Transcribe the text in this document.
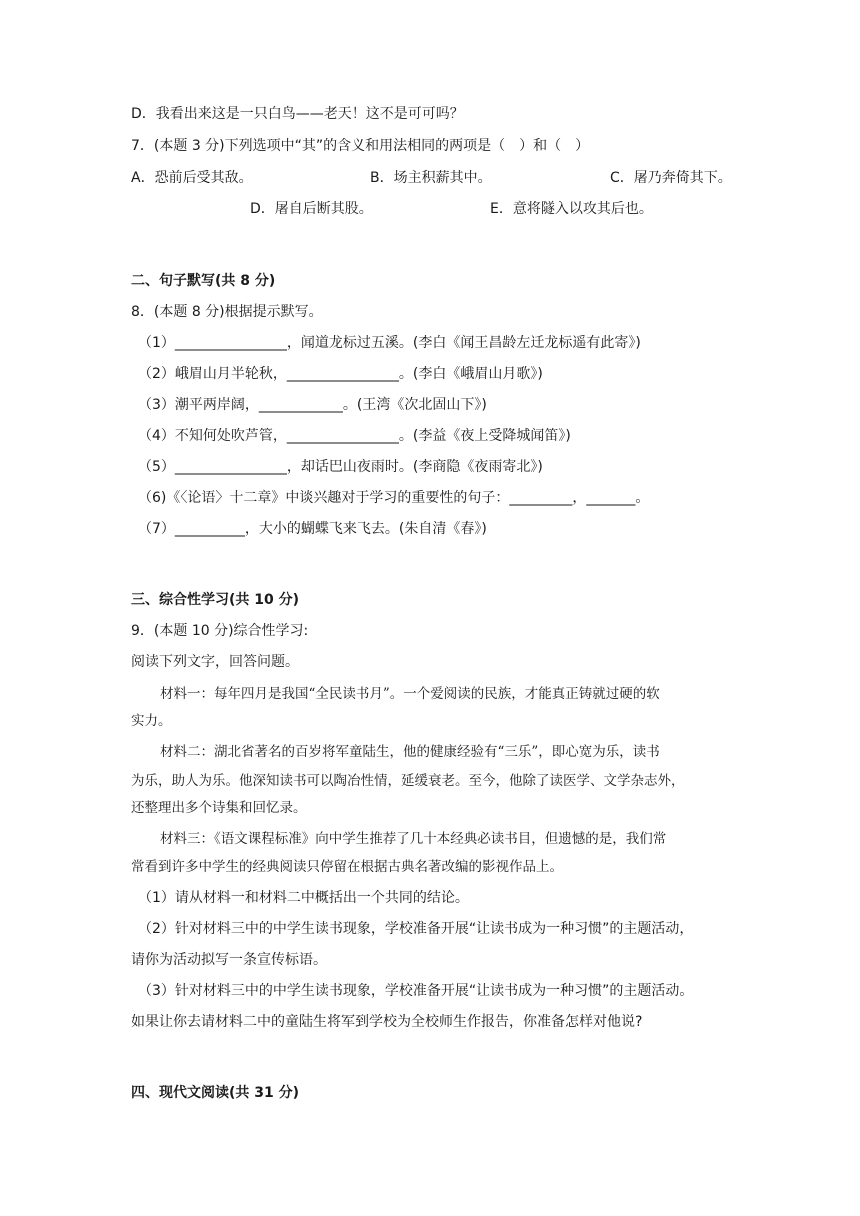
D．我看出来这是一只白鸟——老天！这不是可可吗？
7．(本题 3 分)下列选项中“其”的含义和用法相同的两项是（　）和（　）
A．恐前后受其敌。	B．场主积薪其中。	C．屠乃奔倚其下。
D．屠自后断其股。	E．意将隧入以攻其后也。
二、句子默写(共 8 分)
8．(本题 8 分)根据提示默写。
（1）________________，闻道龙标过五溪。(李白《闻王昌龄左迁龙标遥有此寄》)
（2）峨眉山月半轮秋，________________。(李白《峨眉山月歌》)
（3）潮平两岸阔，____________。(王湾《次北固山下》)
（4）不知何处吹芦管，________________。(李益《夜上受降城闻笛》)
（5）________________，却话巴山夜雨时。(李商隐《夜雨寄北》)
（6)《〈论语〉十二章》中谈兴趣对于学习的重要性的句子：_________，_______。
（7）__________，大小的蝴蝶飞来飞去。(朱自清《春》)
三、综合性学习(共 10 分)
9．(本题 10 分)综合性学习:
阅读下列文字，回答问题。
材料一：每年四月是我国“全民读书月”。一个爱阅读的民族，才能真正铸就过硬的软
实力。
材料二：湖北省著名的百岁将军童陆生，他的健康经验有“三乐”，即心宽为乐，读书
为乐，助人为乐。他深知读书可以陶冶性情，延缓衰老。至今，他除了读医学、文学杂志外，
还整理出多个诗集和回忆录。
材料三：《语文课程标准》向中学生推荐了几十本经典必读书目，但遗憾的是，我们常
常看到许多中学生的经典阅读只停留在根据古典名著改编的影视作品上。
（1）请从材料一和材料二中概括出一个共同的结论。
（2）针对材料三中的中学生读书现象，学校准备开展“让读书成为一种习惯”的主题活动，
请你为活动拟写一条宣传标语。
（3）针对材料三中的中学生读书现象，学校准备开展“让读书成为一种习惯”的主题活动。
如果让你去请材料二中的童陆生将军到学校为全校师生作报告，你准备怎样对他说?
四、现代文阅读(共 31 分)
